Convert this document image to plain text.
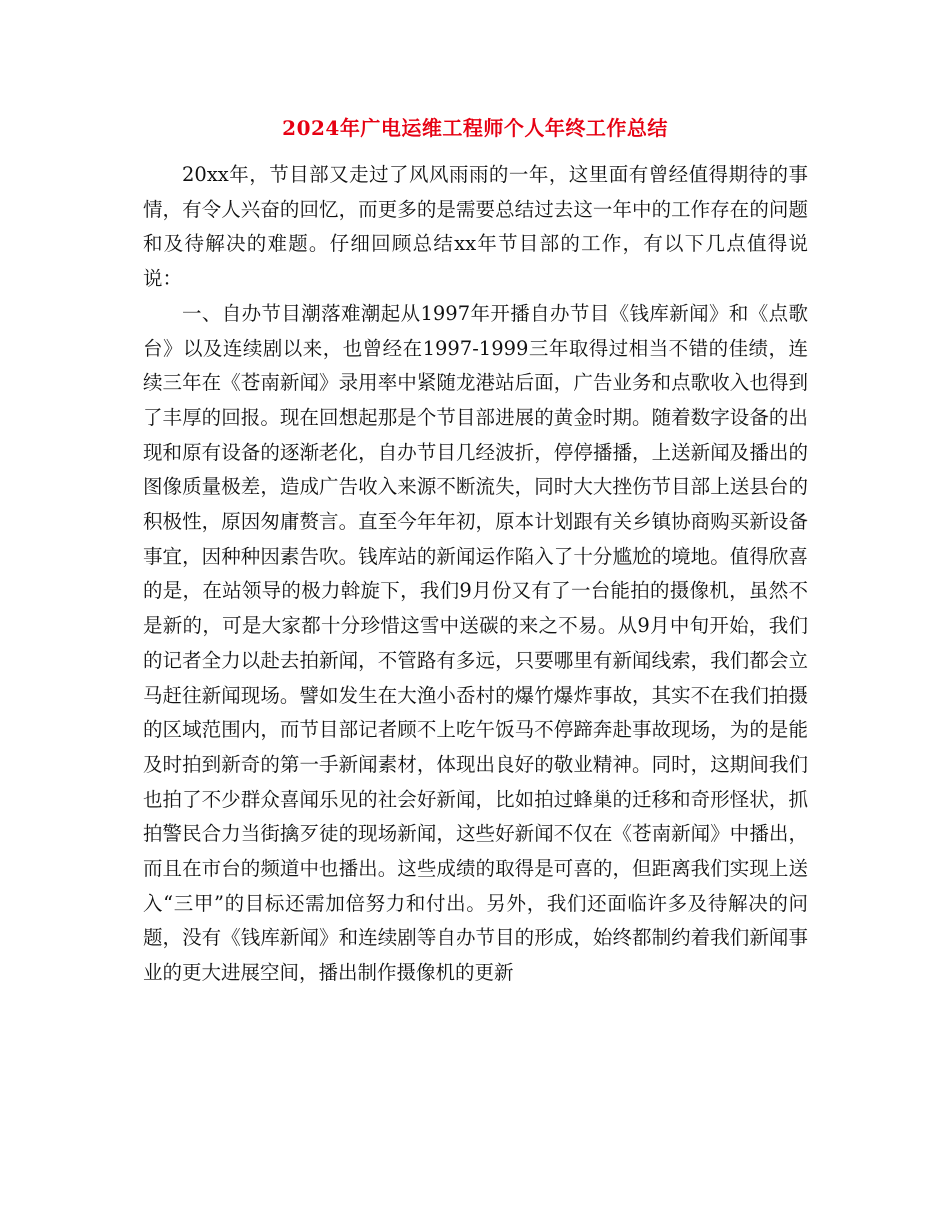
2024年广电运维工程师个人年终工作总结

20xx年，节目部又走过了风风雨雨的一年，这里面有曾经值得期待的事情，有令人兴奋的回忆，而更多的是需要总结过去这一年中的工作存在的问题和及待解决的难题。仔细回顾总结xx年节目部的工作，有以下几点值得说说：

一、自办节目潮落难潮起从1997年开播自办节目《钱库新闻》和《点歌台》以及连续剧以来，也曾经在1997-1999三年取得过相当不错的佳绩，连续三年在《苍南新闻》录用率中紧随龙港站后面，广告业务和点歌收入也得到了丰厚的回报。现在回想起那是个节目部进展的黄金时期。随着数字设备的出现和原有设备的逐渐老化，自办节目几经波折，停停播播，上送新闻及播出的图像质量极差，造成广告收入来源不断流失，同时大大挫伤节目部上送县台的积极性，原因匆庸赘言。直至今年年初，原本计划跟有关乡镇协商购买新设备事宜，因种种因素告吹。钱库站的新闻运作陷入了十分尴尬的境地。值得欣喜的是，在站领导的极力斡旋下，我们9月份又有了一台能拍的摄像机，虽然不是新的，可是大家都十分珍惜这雪中送碳的来之不易。从9月中旬开始，我们的记者全力以赴去拍新闻，不管路有多远，只要哪里有新闻线索，我们都会立马赶往新闻现场。譬如发生在大渔小岙村的爆竹爆炸事故，其实不在我们拍摄的区域范围内，而节目部记者顾不上吃午饭马不停蹄奔赴事故现场，为的是能及时拍到新奇的第一手新闻素材，体现出良好的敬业精神。同时，这期间我们也拍了不少群众喜闻乐见的社会好新闻，比如拍过蜂巢的迁移和奇形怪状，抓拍警民合力当街擒歹徒的现场新闻，这些好新闻不仅在《苍南新闻》中播出，而且在市台的频道中也播出。这些成绩的取得是可喜的，但距离我们实现上送入“三甲”的目标还需加倍努力和付出。另外，我们还面临许多及待解决的问题，没有《钱库新闻》和连续剧等自办节目的形成，始终都制约着我们新闻事业的更大进展空间，播出制作摄像机的更新
